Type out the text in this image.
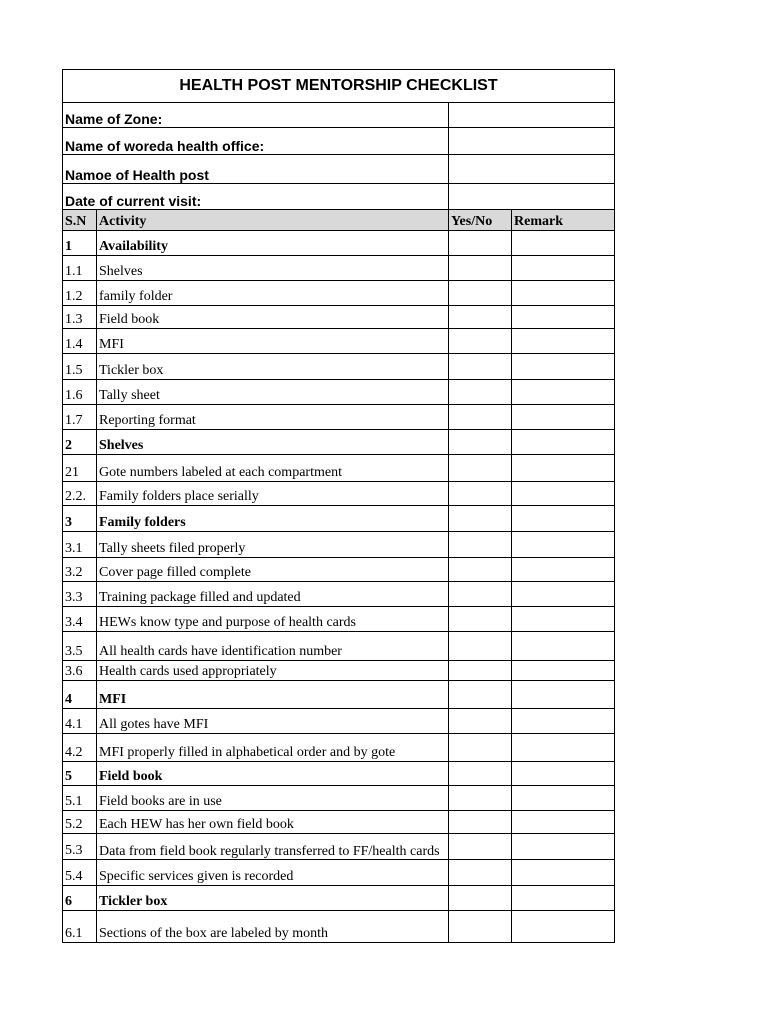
HEALTH POST MENTORSHIP CHECKLIST			
Name of Zone:			
Name of woreda health office:			
Namoe of Health post			
Date of current visit:			
S.N	Activity	Yes/No	Remark
1	Availability		
1.1	Shelves		
1.2	family folder		
1.3	Field book		
1.4	MFI		
1.5	Tickler box		
1.6	Tally sheet		
1.7	Reporting format		
2	Shelves		
21	Gote numbers labeled at each compartment		
2.2.	Family folders place serially		
3	Family folders		
3.1	Tally sheets filed properly		
3.2	Cover page filled complete		
3.3	Training package filled and updated		
3.4	HEWs know type and purpose of health cards		
3.5	All health cards have identification number		
3.6	Health cards used appropriately		
4	MFI		
4.1	All gotes have MFI		
4.2	MFI properly filled in alphabetical order and by gote		
5	Field book		
5.1	Field books are in use		
5.2	Each HEW has her own field book		
5.3	Data from field book regularly transferred to FF/health cards		

5.4	Specific services given is recorded		
6	Tickler box		
6.1	Sections of the box are labeled by month		
